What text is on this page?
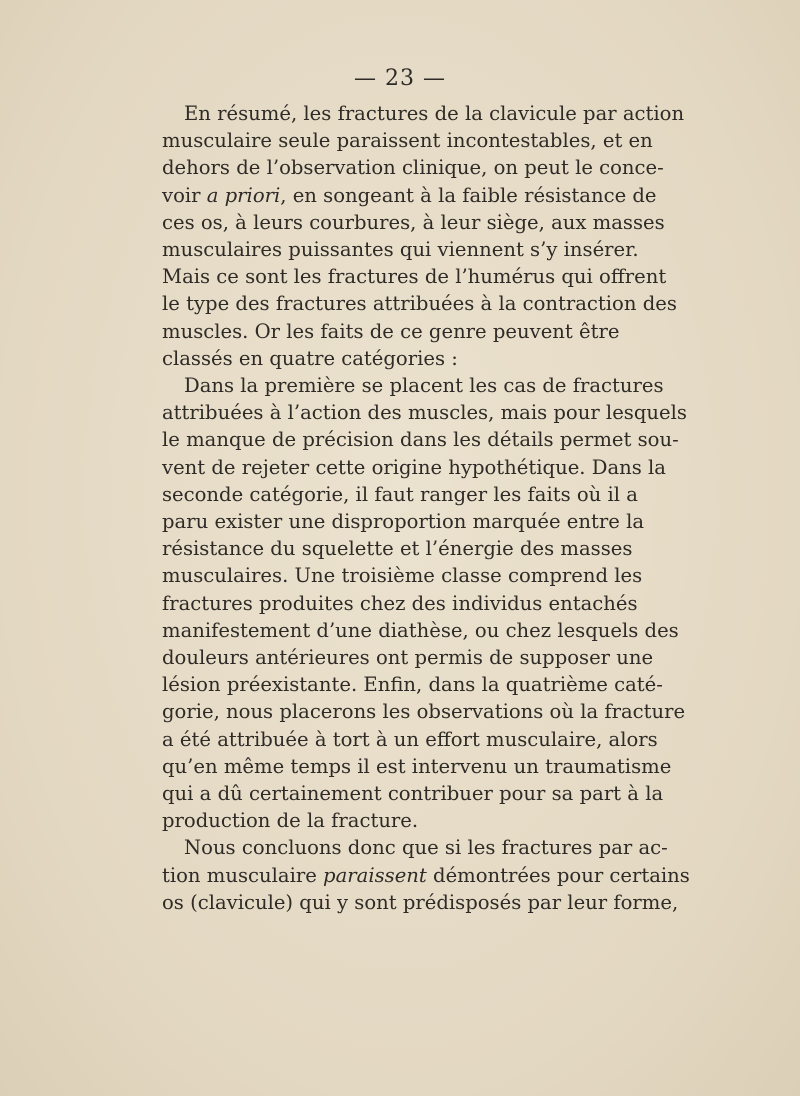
— 23 —
En résumé, les fractures de la clavicule par action
musculaire seule paraissent incontestables, et en
dehors de l’observation clinique, on peut le conce-
voir a priori, en songeant à la faible résistance de
ces os, à leurs courbures, à leur siège, aux masses
musculaires puissantes qui viennent s’y insérer.
Mais ce sont les fractures de l’humérus qui offrent
le type des fractures attribuées à la contraction des
muscles. Or les faits de ce genre peuvent être
classés en quatre catégories :
Dans la première se placent les cas de fractures
attribuées à l’action des muscles, mais pour lesquels
le manque de précision dans les détails permet sou-
vent de rejeter cette origine hypothétique. Dans la
seconde catégorie, il faut ranger les faits où il a
paru exister une disproportion marquée entre la
résistance du squelette et l’énergie des masses
musculaires. Une troisième classe comprend les
fractures produites chez des individus entachés
manifestement d’une diathèse, ou chez lesquels des
douleurs antérieures ont permis de supposer une
lésion préexistante. Enfin, dans la quatrième caté-
gorie, nous placerons les observations où la fracture
a été attribuée à tort à un effort musculaire, alors
qu’en même temps il est intervenu un traumatisme
qui a dû certainement contribuer pour sa part à la
production de la fracture.
Nous concluons donc que si les fractures par ac-
tion musculaire paraissent démontrées pour certains
os (clavicule) qui y sont prédisposés par leur forme,
